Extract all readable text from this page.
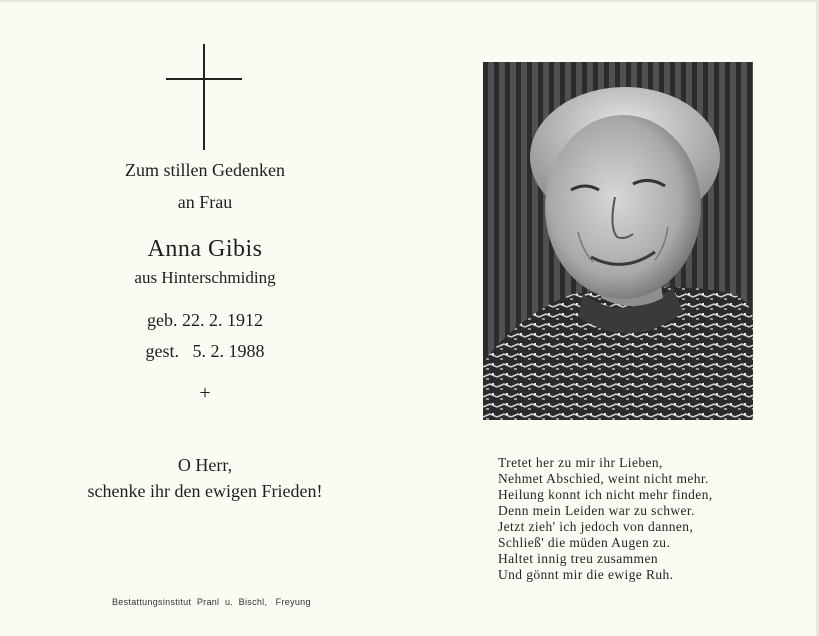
Zum stillen Gedenken
an Frau
Anna Gibis
aus Hinterschmiding
geb. 22. 2. 1912
gest.   5. 2. 1988
+
O Herr,
schenke ihr den ewigen Frieden!
Bestattungsinstitut  Pranl  u.  Bischl,   Freyung
Tretet her zu mir ihr Lieben,
Nehmet Abschied, weint nicht mehr.
Heilung konnt ich nicht mehr finden,
Denn mein Leiden war zu schwer.
Jetzt zieh' ich jedoch von dannen,
Schließ' die müden Augen zu.
Haltet innig treu zusammen
Und gönnt mir die ewige Ruh.
